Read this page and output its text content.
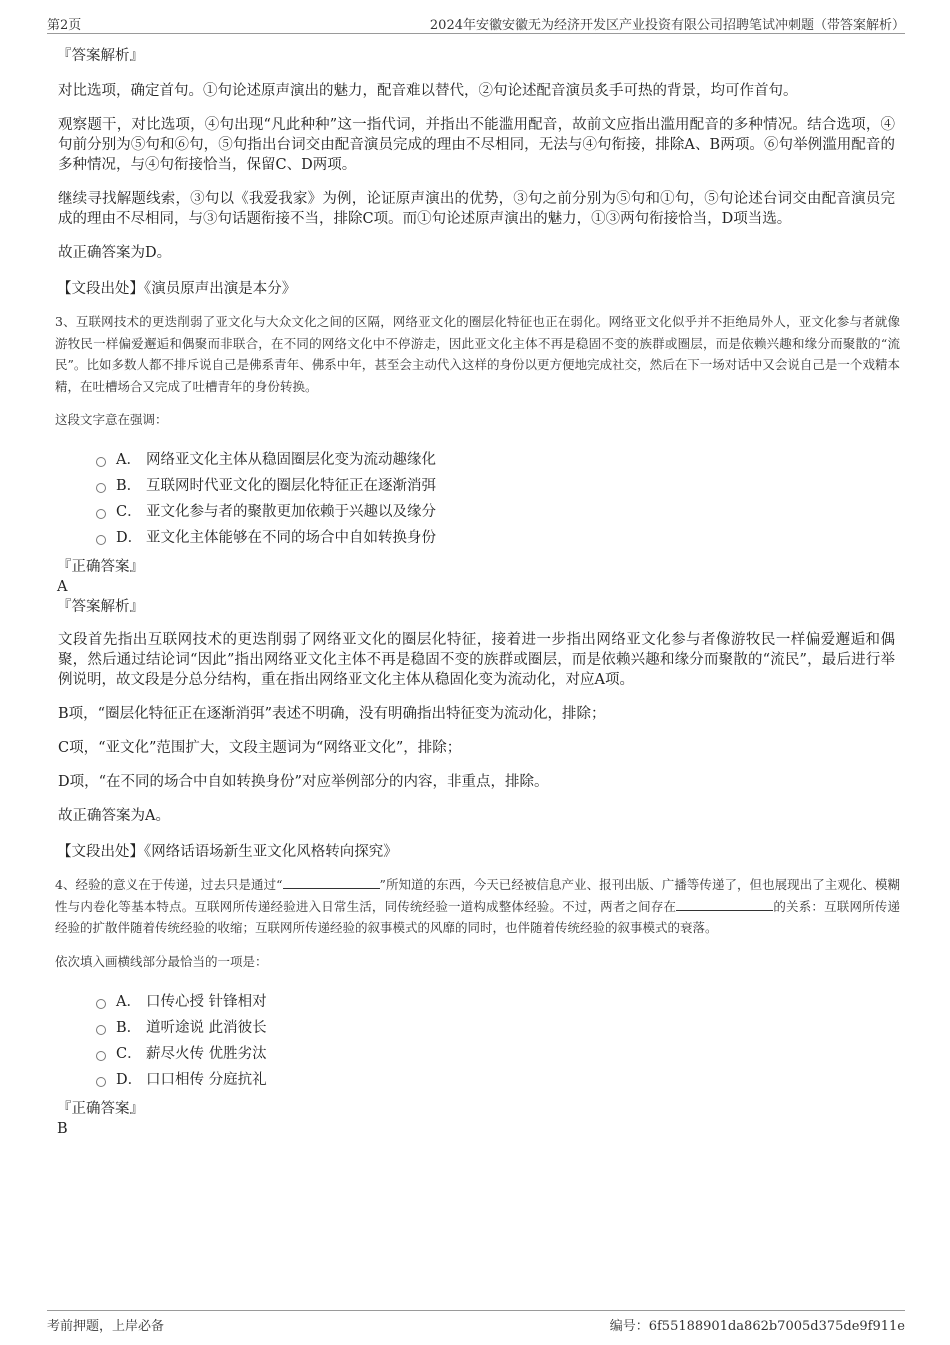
第2页	2024年安徽安徽无为经济开发区产业投资有限公司招聘笔试冲刺题（带答案解析）
『答案解析』

对比选项，确定首句。①句论述原声演出的魅力，配音难以替代，②句论述配音演员炙手可热的背景，均可作首句。

观察题干，对比选项，④句出现“凡此种种”这一指代词，并指出不能滥用配音，故前文应指出滥用配音的多种情况。结合选项，④句前分别为⑤句和⑥句，⑤句指出台词交由配音演员完成的理由不尽相同，无法与④句衔接，排除A、B两项。⑥句举例滥用配音的多种情况，与④句衔接恰当，保留C、D两项。

继续寻找解题线索，③句以《我爱我家》为例，论证原声演出的优势，③句之前分别为⑤句和①句，⑤句论述台词交由配音演员完成的理由不尽相同，与③句话题衔接不当，排除C项。而①句论述原声演出的魅力，①③两句衔接恰当，D项当选。

故正确答案为D。

【文段出处】《演员原声出演是本分》

3、互联网技术的更迭削弱了亚文化与大众文化之间的区隔，网络亚文化的圈层化特征也正在弱化。网络亚文化似乎并不拒绝局外人，亚文化参与者就像游牧民一样偏爱邂逅和偶聚而非联合，在不同的网络文化中不停游走，因此亚文化主体不再是稳固不变的族群或圈层，而是依赖兴趣和缘分而聚散的“流民”。比如多数人都不排斥说自己是佛系青年、佛系中年，甚至会主动代入这样的身份以更方便地完成社交，然后在下一场对话中又会说自己是一个戏精本精，在吐槽场合又完成了吐槽青年的身份转换。

这段文字意在强调：

A． 网络亚文化主体从稳固圈层化变为流动趣缘化
B． 互联网时代亚文化的圈层化特征正在逐渐消弭
C． 亚文化参与者的聚散更加依赖于兴趣以及缘分
D． 亚文化主体能够在不同的场合中自如转换身份
『正确答案』
A
『答案解析』

文段首先指出互联网技术的更迭削弱了网络亚文化的圈层化特征，接着进一步指出网络亚文化参与者像游牧民一样偏爱邂逅和偶聚，然后通过结论词“因此”指出网络亚文化主体不再是稳固不变的族群或圈层，而是依赖兴趣和缘分而聚散的“流民”，最后进行举例说明，故文段是分总分结构，重在指出网络亚文化主体从稳固化变为流动化，对应A项。

B项，“圈层化特征正在逐渐消弭”表述不明确，没有明确指出特征变为流动化，排除；

C项，“亚文化”范围扩大，文段主题词为“网络亚文化”，排除；

D项，“在不同的场合中自如转换身份”对应举例部分的内容，非重点，排除。

故正确答案为A。

【文段出处】《网络话语场新生亚文化风格转向探究》

4、经验的意义在于传递，过去只是通过“	”所知道的东西，今天已经被信息产业、报刊出版、广播等传递了，但也展现出了主观化、模糊性与内卷化等基本特点。互联网所传递经验进入日常生活，同传统经验一道构成整体经验。不过，两者之间存在	的关系：互联网所传递经验的扩散伴随着传统经验的收缩；互联网所传递经验的叙事模式的风靡的同时，也伴随着传统经验的叙事模式的衰落。

依次填入画横线部分最恰当的一项是：

A． 口传心授 针锋相对
B． 道听途说 此消彼长
C． 薪尽火传 优胜劣汰
D． 口口相传 分庭抗礼
『正确答案』
B
考前押题，上岸必备	编号：6f55188901da862b7005d375de9f911e
